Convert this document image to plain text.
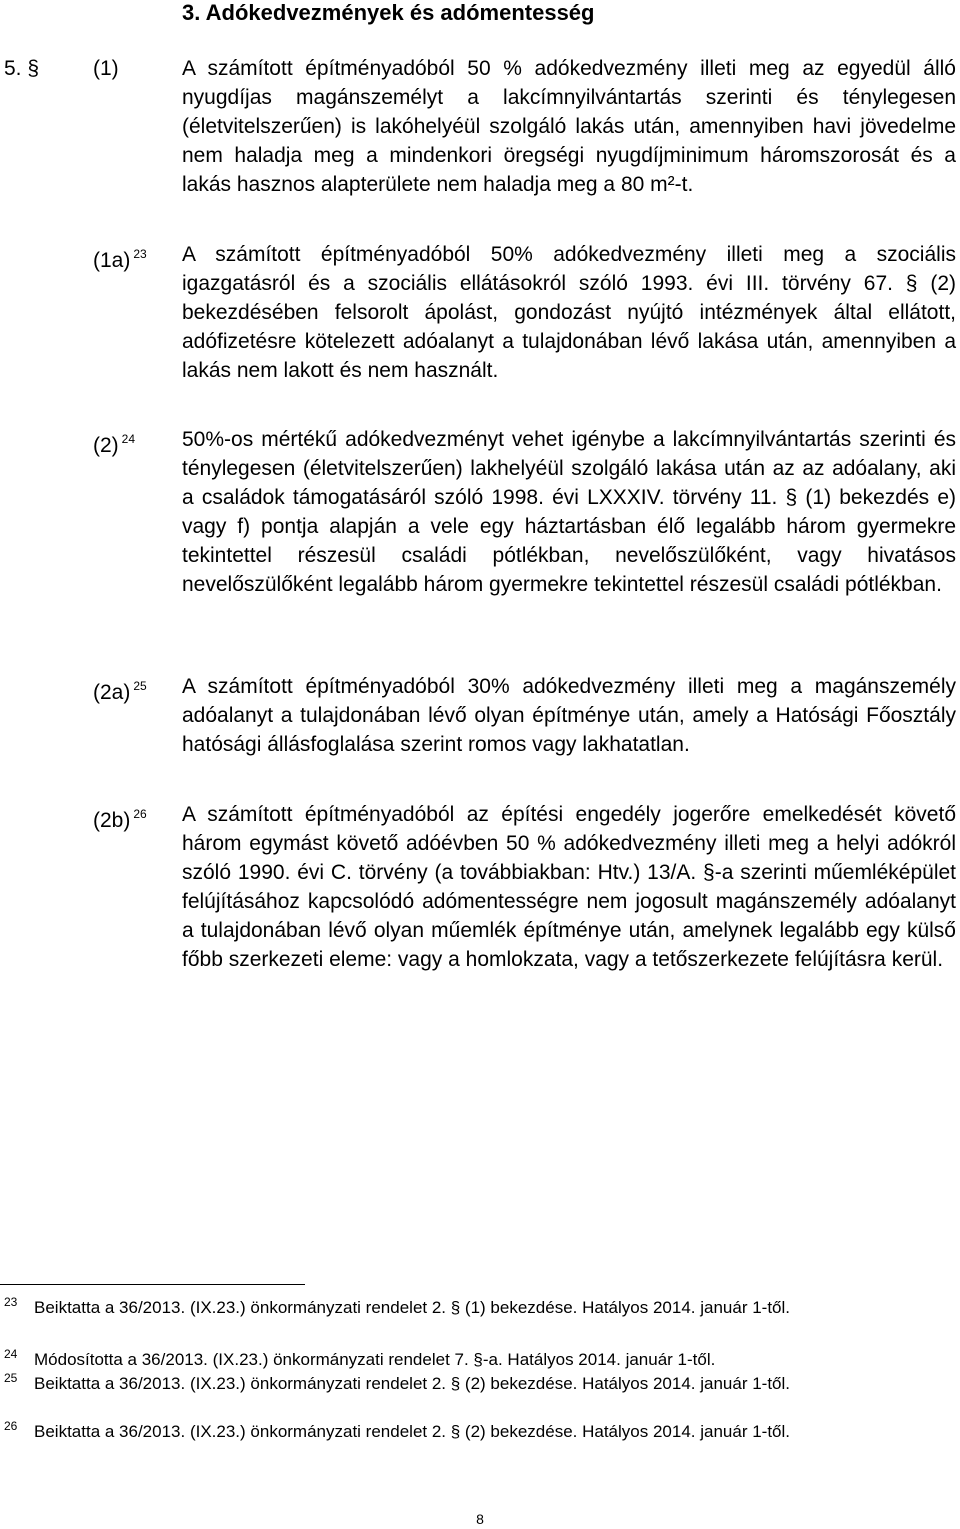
3. Adókedvezmények és adómentesség
5. §	(1)	A számított építményadóból 50 % adókedvezmény illeti meg az egyedül álló nyugdíjas magánszemélyt a lakcímnyilvántartás szerinti és ténylegesen (életvitelszerűen) is lakóhelyéül szolgáló lakás után, amennyiben havi jövedelme nem haladja meg a mindenkori öregségi nyugdíjminimum háromszorosát és a lakás hasznos alapterülete nem haladja meg a 80 m²-t.
(1a) $^{23}$ A számított építményadóból 50% adókedvezmény illeti meg a szociális igazgatásról és a szociális ellátásokról szóló 1993. évi III. törvény 67. § (2) bekezdésében felsorolt ápolást, gondozást nyújtó intézmények által ellátott, adófizetésre kötelezett adóalanyt a tulajdonában lévő lakása után, amennyiben a lakás nem lakott és nem használt.
(2) $^{24}$ 50%-os mértékű adókedvezményt vehet igénybe a lakcímnyilvántartás szerinti és ténylegesen (életvitelszerűen) lakhelyéül szolgáló lakása után az az adóalany, aki a családok támogatásáról szóló 1998. évi LXXXIV. törvény 11. § (1) bekezdés e) vagy f) pontja alapján a vele egy háztartásban élő legalább három gyermekre tekintettel részesül családi pótlékban, nevelőszülőként, vagy hivatásos nevelőszülőként legalább három gyermekre tekintettel részesül családi pótlékban.
(2a) $^{25}$ A számított építményadóból 30% adókedvezmény illeti meg a magánszemély adóalanyt a tulajdonában lévő olyan építménye után, amely a Hatósági Főosztály hatósági állásfoglalása szerint romos vagy lakhatatlan.
(2b) $^{26}$ A számított építményadóból az építési engedély jogerőre emelkedését követő három egymást követő adóévben 50 % adókedvezmény illeti meg a helyi adókról szóló 1990. évi C. törvény (a továbbiakban: Htv.) 13/A. §-a szerinti műemléképület felújításához kapcsolódó adómentességre nem jogosult magánszemély adóalanyt a tulajdonában lévő olyan műemlék építménye után, amelynek legalább egy külső főbb szerkezeti eleme: vagy a homlokzata, vagy a tetőszerkezete felújításra kerül.
23 Beiktatta a 36/2013. (IX.23.) önkormányzati rendelet 2. § (1) bekezdése. Hatályos 2014. január 1-től.
24 Módosította a 36/2013. (IX.23.) önkormányzati rendelet 7. §-a. Hatályos 2014. január 1-től.
25 Beiktatta a 36/2013. (IX.23.) önkormányzati rendelet 2. § (2) bekezdése. Hatályos 2014. január 1-től.
26 Beiktatta a 36/2013. (IX.23.) önkormányzati rendelet 2. § (2) bekezdése. Hatályos 2014. január 1-től.
8
